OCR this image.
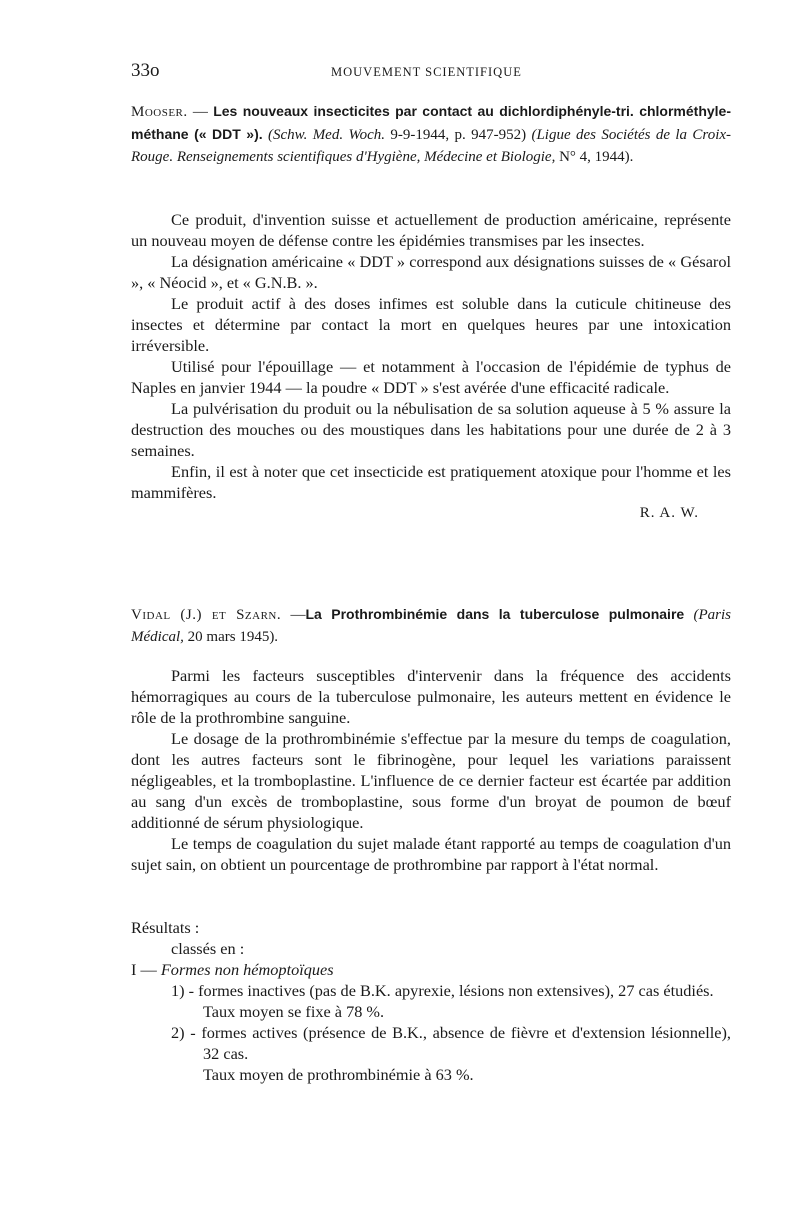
33o	MOUVEMENT SCIENTIFIQUE
Mooser. — Les nouveaux insecticites par contact au dichlordiphényle-tri. chlorméthyle-méthane (« DDT »). (Schw. Med. Woch. 9-9-1944, p. 947-952) (Ligue des Sociétés de la Croix-Rouge. Renseignements scientifiques d'Hygiène, Médecine et Biologie, N° 4, 1944).

Ce produit, d'invention suisse et actuellement de production américaine, représente un nouveau moyen de défense contre les épidémies transmises par les insectes.

La désignation américaine « DDT » correspond aux désignations suisses de « Gésarol », « Néocid », et « G.N.B. ».

Le produit actif à des doses infimes est soluble dans la cuticule chitineuse des insectes et détermine par contact la mort en quelques heures par une intoxication irréversible.

Utilisé pour l'épouillage — et notamment à l'occasion de l'épidémie de typhus de Naples en janvier 1944 — la poudre « DDT » s'est avérée d'une efficacité radicale.

La pulvérisation du produit ou la nébulisation de sa solution aqueuse à 5 % assure la destruction des mouches ou des moustiques dans les habitations pour une durée de 2 à 3 semaines.

Enfin, il est à noter que cet insecticide est pratiquement atoxique pour l'homme et les mammifères.

R. A. W.
Vidal (J.) et Szarn. —La Prothrombinémie dans la tuberculose pulmonaire (Paris Médical, 20 mars 1945).

Parmi les facteurs susceptibles d'intervenir dans la fréquence des accidents hémorragiques au cours de la tuberculose pulmonaire, les auteurs mettent en évidence le rôle de la prothrombine sanguine.

Le dosage de la prothrombinémie s'effectue par la mesure du temps de coagulation, dont les autres facteurs sont le fibrinogène, pour lequel les variations paraissent négligeables, et la tromboplastine. L'influence de ce dernier facteur est écartée par addition au sang d'un excès de tromboplastine, sous forme d'un broyat de poumon de bœuf additionné de sérum physiologique.

Le temps de coagulation du sujet malade étant rapporté au temps de coagulation d'un sujet sain, on obtient un pourcentage de prothrombine par rapport à l'état normal.

Résultats :

classés en :

I — Formes non hémoptoïques

1) - formes inactives (pas de B.K. apyrexie, lésions non extensives), 27 cas étudiés.

Taux moyen se fixe à 78 %.

2) - formes actives (présence de B.K., absence de fièvre et d'extension lésionnelle), 32 cas.

Taux moyen de prothrombinémie à 63 %.
